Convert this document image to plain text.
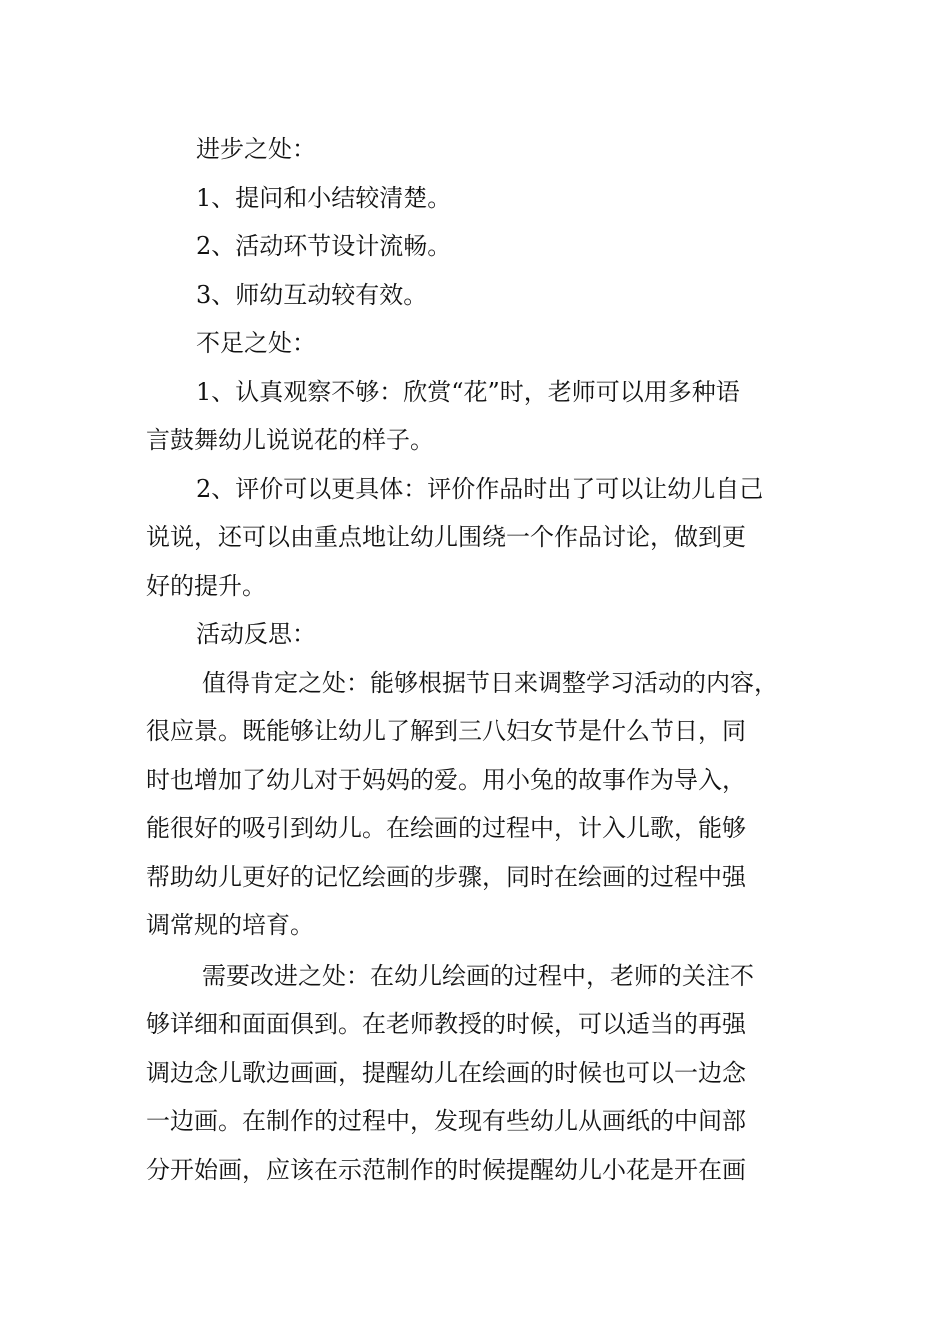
进步之处：
1、提问和小结较清楚。
2、活动环节设计流畅。
3、师幼互动较有效。
不足之处：
1、认真观察不够：欣赏“花”时，老师可以用多种语
言鼓舞幼儿说说花的样子。
2、评价可以更具体：评价作品时出了可以让幼儿自己
说说，还可以由重点地让幼儿围绕一个作品讨论，做到更
好的提升。
活动反思：
值得肯定之处：能够根据节日来调整学习活动的内容，
很应景。既能够让幼儿了解到三八妇女节是什么节日，同
时也增加了幼儿对于妈妈的爱。用小兔的故事作为导入，
能很好的吸引到幼儿。在绘画的过程中，计入儿歌，能够
帮助幼儿更好的记忆绘画的步骤，同时在绘画的过程中强
调常规的培育。
需要改进之处：在幼儿绘画的过程中，老师的关注不
够详细和面面俱到。在老师教授的时候，可以适当的再强
调边念儿歌边画画，提醒幼儿在绘画的时候也可以一边念
一边画。在制作的过程中，发现有些幼儿从画纸的中间部
分开始画，应该在示范制作的时候提醒幼儿小花是开在画
